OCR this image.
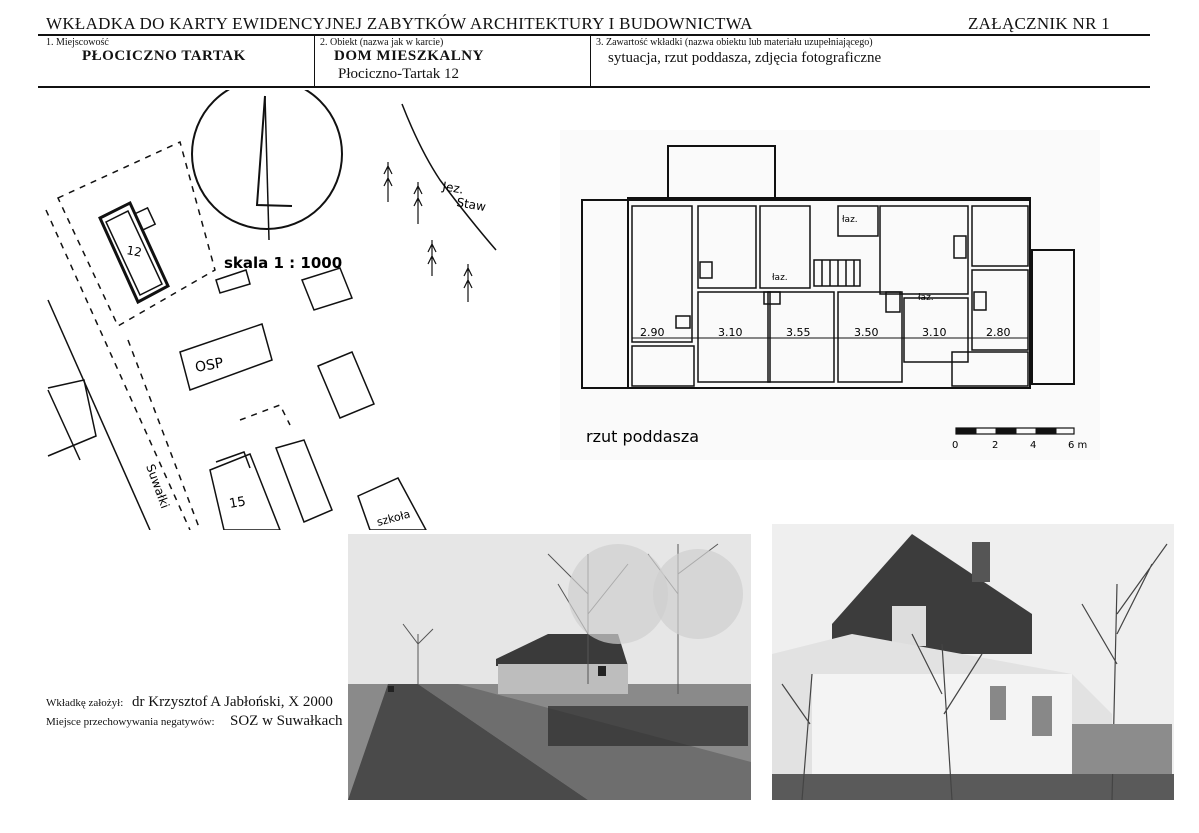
WKŁADKA DO KARTY EWIDENCYJNEJ ZABYTKÓW ARCHITEKTURY I BUDOWNICTWA	ZAŁĄCZNIK NR 1
1. Miejscowość
PŁOCICZNO TARTAK
2. Obiekt (nazwa jak w karcie)
DOM MIESZKALNY
Płociczno-Tartak 12
3. Zawartość wkładki (nazwa obiektu lub materiału uzupełniającego)
sytuacja, rzut poddasza, zdjęcia fotograficzne
12
OSP
15
szkoła
Suwałki
skala 1 : 1000
Jez.
Staw
2.90	3.10	3.55	3.50	3.10	2.80
łaz.
łaz.
łaz.
rzut poddasza	0	2	4	6 m
Wkładkę założył: dr Krzysztof A Jabłoński, X 2000
Miejsce przechowywania negatywów: SOZ w Suwałkach
